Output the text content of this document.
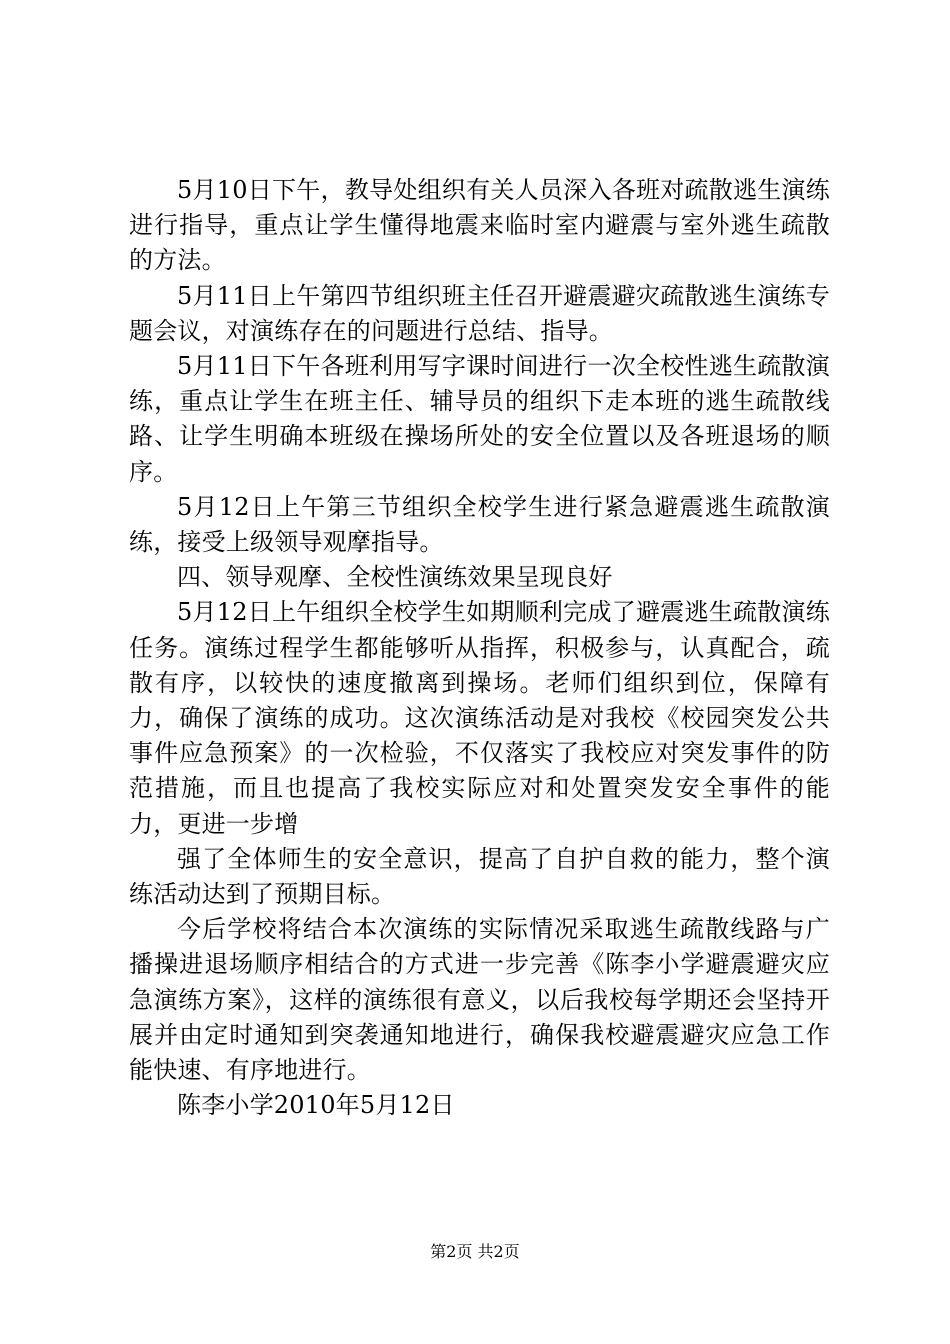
5月10日下午，教导处组织有关人员深入各班对疏散逃生演练进行指导，重点让学生懂得地震来临时室内避震与室外逃生疏散的方法。

5月11日上午第四节组织班主任召开避震避灾疏散逃生演练专题会议，对演练存在的问题进行总结、指导。

5月11日下午各班利用写字课时间进行一次全校性逃生疏散演练，重点让学生在班主任、辅导员的组织下走本班的逃生疏散线路、让学生明确本班级在操场所处的安全位置以及各班退场的顺序。

5月12日上午第三节组织全校学生进行紧急避震逃生疏散演练，接受上级领导观摩指导。

四、领导观摩、全校性演练效果呈现良好

5月12日上午组织全校学生如期顺利完成了避震逃生疏散演练任务。演练过程学生都能够听从指挥，积极参与，认真配合，疏散有序，以较快的速度撤离到操场。老师们组织到位，保障有力，确保了演练的成功。这次演练活动是对我校《校园突发公共事件应急预案》的一次检验，不仅落实了我校应对突发事件的防范措施，而且也提高了我校实际应对和处置突发安全事件的能力，更进一步增

强了全体师生的安全意识，提高了自护自救的能力，整个演练活动达到了预期目标。

今后学校将结合本次演练的实际情况采取逃生疏散线路与广播操进退场顺序相结合的方式进一步完善《陈李小学避震避灾应急演练方案》，这样的演练很有意义，以后我校每学期还会坚持开展并由定时通知到突袭通知地进行，确保我校避震避灾应急工作能快速、有序地进行。

陈李小学2010年5月12日

第2页 共2页
